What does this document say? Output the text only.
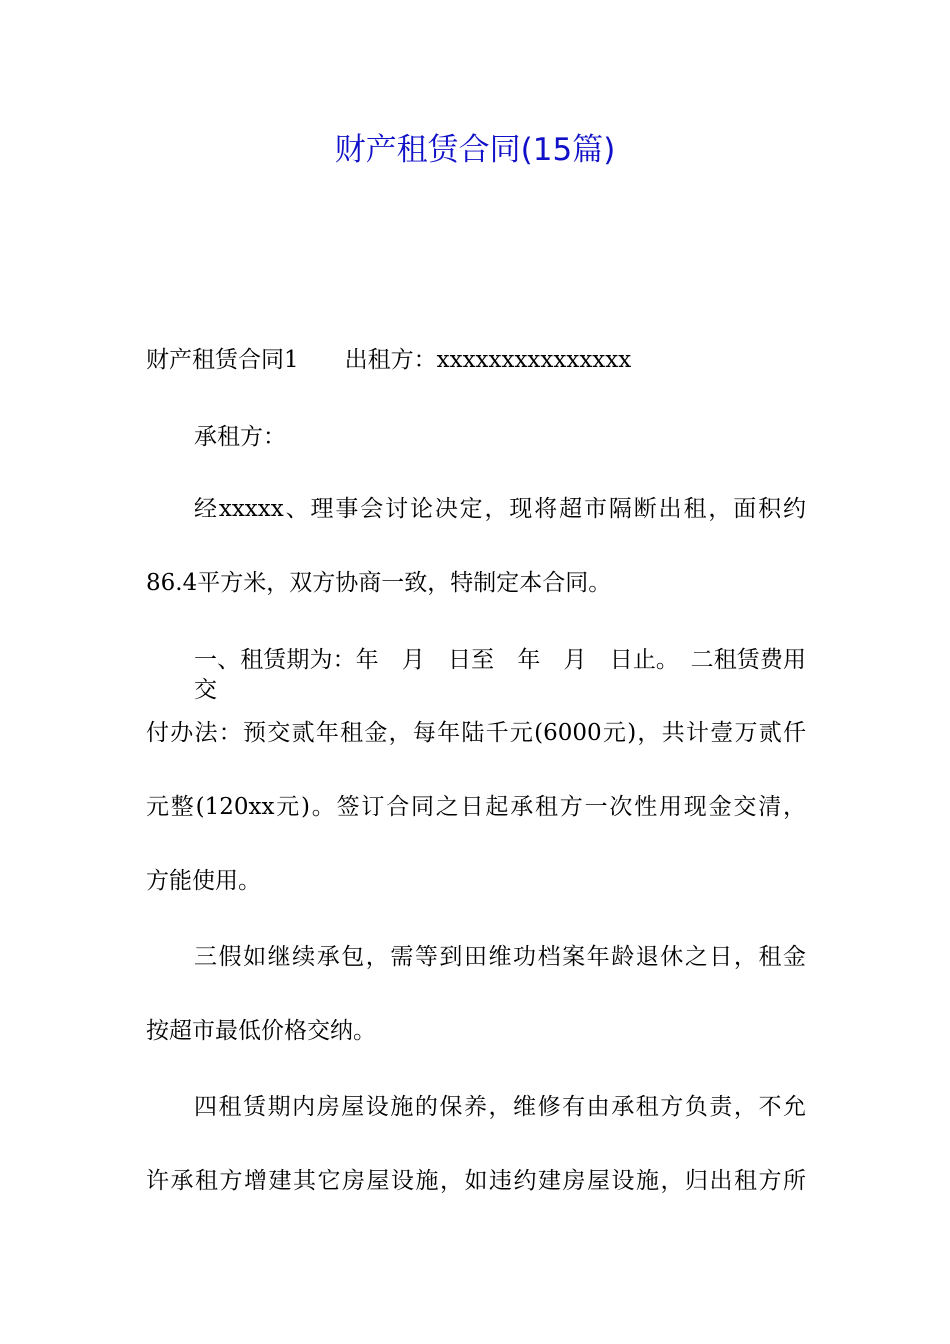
财产租赁合同(15篇)

财产租赁合同1　　出租方：xxxxxxxxxxxxxxx

承租方：

经xxxxx、理事会讨论决定，现将超市隔断出租，面积约

86.4平方米，双方协商一致，特制定本合同。

一、租赁期为：年　月　日至　年　月　日止。　二租赁费用交

付办法：预交贰年租金，每年陆千元(6000元)，共计壹万贰仟

元整(120xx元)。签订合同之日起承租方一次性用现金交清，

方能使用。

三假如继续承包，需等到田维功档案年龄退休之日，租金

按超市最低价格交纳。

四租赁期内房屋设施的保养，维修有由承租方负责，不允

许承租方增建其它房屋设施，如违约建房屋设施，归出租方所
